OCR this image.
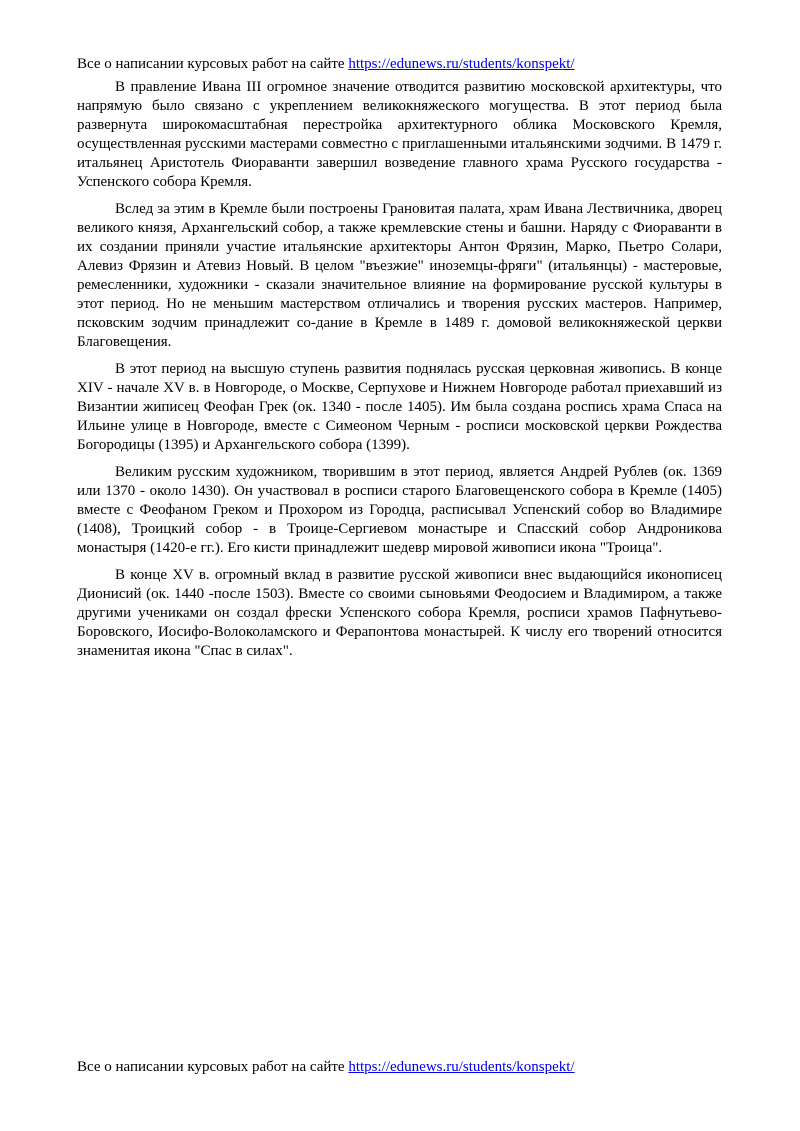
Все о написании курсовых работ на сайте https://edunews.ru/students/konspekt/

В правление Ивана III огромное значение отводится развитию московской архитектуры, что напрямую было связано с укреплением великокняжеского могущества. В этот период была развернута широкомасштабная перестройка архитектурного облика Московского Кремля, осуществленная русскими мастерами совместно с приглашенными итальянскими зодчими. В 1479 г. итальянец Аристотель Фиораванти завершил возведение главного храма Русского государства - Успенского собора Кремля.

Вслед за этим в Кремле были построены Грановитая палата, храм Ивана Лествичника, дворец великого князя, Архангельский собор, а также кремлевские стены и башни. Наряду с Фиораванти в их создании приняли участие итальянские архитекторы Антон Фрязин, Марко, Пьетро Солари, Алевиз Фрязин и Атевиз Новый. В целом "въезжие" иноземцы-фряги" (итальянцы) - мастеровые, ремесленники, художники - сказали значительное влияние на формирование русской культуры в этот период. Но не меньшим мастерством отличались и творения русских мастеров. Например, псковским зодчим принадлежит со-дание в Кремле в 1489 г. домовой великокняжеской церкви Благовещения.

В этот период на высшую ступень развития поднялась русская церковная живопись. В конце XIV - начале XV в. в Новгороде, о Москве, Серпухове и Нижнем Новгороде работал приехавший из Византии жиписец Феофан Грек (ок. 1340 - после 1405). Им была создана роспись храма Спаса на Ильине улице в Новгороде, вместе с Симеоном Черным - росписи московской церкви Рождества Богородицы (1395) и Архангельского собора (1399).

Великим русским художником, творившим в этот период, является Андрей Рублев (ок. 1369 или 1370 - около 1430). Он участвовал в росписи старого Благовещенского собора в Кремле (1405) вместе с Феофаном Греком и Прохором из Городца, расписывал Успенский собор во Владимире (1408), Троицкий собор - в Троице-Сергиевом монастыре и Спасский собор Андроникова монастыря (1420-е гг.). Его кисти принадлежит шедевр мировой живописи икона "Троица".

В конце XV в. огромный вклад в развитие русской живописи внес выдающийся иконописец Дионисий (ок. 1440 -после 1503). Вместе со своими сыновьями Феодосием и Владимиром, а также другими учениками он создал фрески Успенского собора Кремля, росписи храмов Пафнутьево-Боровского, Иосифо-Волоколамского и Ферапонтова монастырей. К числу его творений относится знаменитая икона "Спас в силах".

Все о написании курсовых работ на сайте https://edunews.ru/students/konspekt/
